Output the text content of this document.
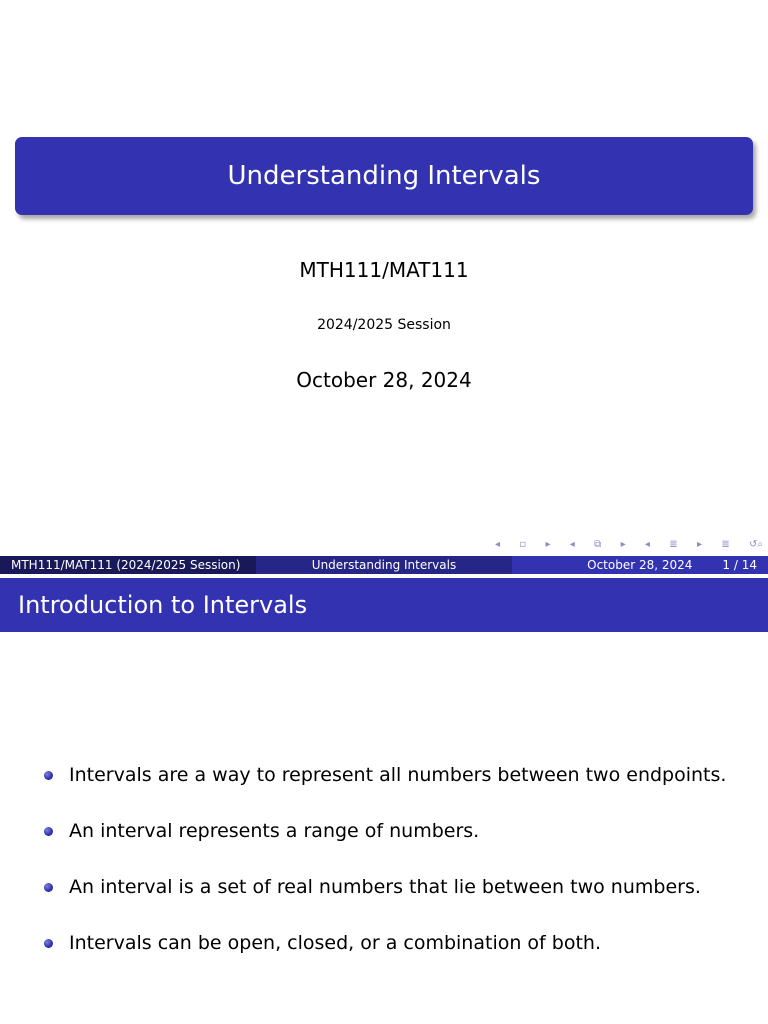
Understanding Intervals
MTH111/MAT111
2024/2025 Session
October 28, 2024
◂ ▫ ▸ ◂ ⧉ ▸ ◂ ≣ ▸ ≣ ↺⌕
MTH111/MAT111 (2024/2025 Session)	Understanding Intervals	October 28, 2024	1 / 14
Introduction to Intervals
Intervals are a way to represent all numbers between two endpoints.
An interval represents a range of numbers.
An interval is a set of real numbers that lie between two numbers.
Intervals can be open, closed, or a combination of both.
